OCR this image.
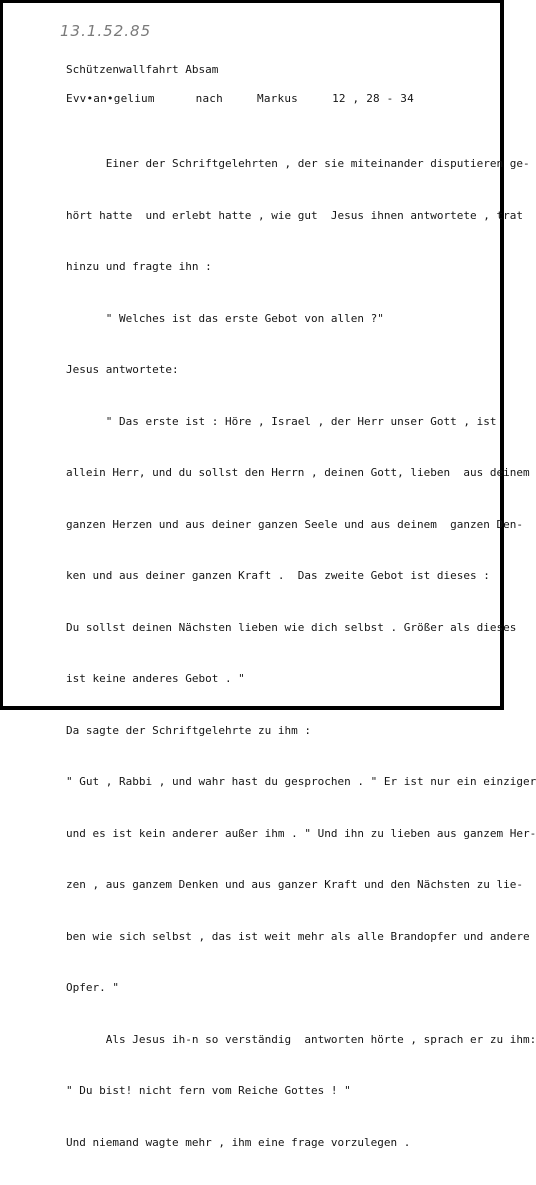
13.1.52.85
Schützenwallfahrt Absam
Evv•an•gelium      nach     Markus     12 , 28 - 34

Einer der Schriftgelehrten , der sie miteinander disputieren ge-

hört hatte  und erlebt hatte , wie gut  Jesus ihnen antwortete , trat

hinzu und fragte ihn :

" Welches ist das erste Gebot von allen ?"

Jesus antwortete:

" Das erste ist : Höre , Israel , der Herr unser Gott , ist

allein Herr, und du sollst den Herrn , deinen Gott, lieben  aus deinem

ganzen Herzen und aus deiner ganzen Seele und aus deinem  ganzen Den-

ken und aus deiner ganzen Kraft .  Das zweite Gebot ist dieses :

Du sollst deinen Nächsten lieben wie dich selbst . Größer als dieses

ist keine anderes Gebot . "

Da sagte der Schriftgelehrte zu ihm :

" Gut , Rabbi , und wahr hast du gesprochen . " Er ist nur ein einziger

und es ist kein anderer außer ihm . " Und ihn zu lieben aus ganzem Her-

zen , aus ganzem Denken und aus ganzer Kraft und den Nächsten zu lie-

ben wie sich selbst , das ist weit mehr als alle Brandopfer und andere

Opfer. "

Als Jesus ih-n so verständig  antworten hörte , sprach er zu ihm:

" Du bist! nicht fern vom Reiche Gottes ! "

Und niemand wagte mehr , ihm eine frage vorzulegen .
